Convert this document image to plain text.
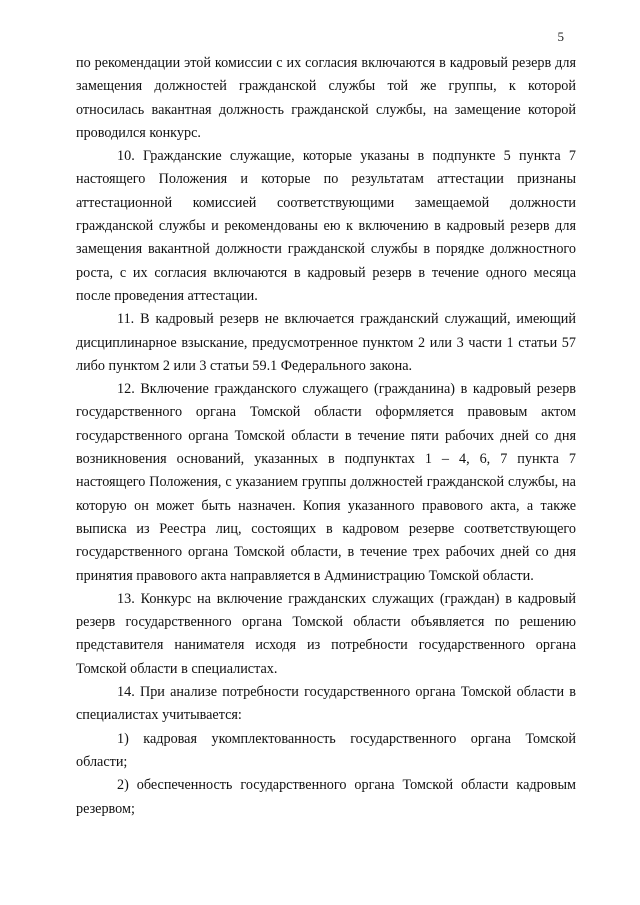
5

по рекомендации этой комиссии с их согласия включаются в кадровый резерв для замещения должностей гражданской службы той же группы, к которой относилась вакантная должность гражданской службы, на замещение которой проводился конкурс.

10. Гражданские служащие, которые указаны в подпункте 5 пункта 7 настоящего Положения и которые по результатам аттестации признаны аттестационной комиссией соответствующими замещаемой должности гражданской службы и рекомендованы ею к включению в кадровый резерв для замещения вакантной должности гражданской службы в порядке должностного роста, с их согласия включаются в кадровый резерв в течение одного месяца после проведения аттестации.

11. В кадровый резерв не включается гражданский служащий, имеющий дисциплинарное взыскание, предусмотренное пунктом 2 или 3 части 1 статьи 57 либо пунктом 2 или 3 статьи 59.1 Федерального закона.

12. Включение гражданского служащего (гражданина) в кадровый резерв государственного органа Томской области оформляется правовым актом государственного органа Томской области в течение пяти рабочих дней со дня возникновения оснований, указанных в подпунктах 1 – 4, 6, 7 пункта 7 настоящего Положения, с указанием группы должностей гражданской службы, на которую он может быть назначен. Копия указанного правового акта, а также выписка из Реестра лиц, состоящих в кадровом резерве соответствующего государственного органа Томской области, в течение трех рабочих дней со дня принятия правового акта направляется в Администрацию Томской области.

13. Конкурс на включение гражданских служащих (граждан) в кадровый резерв государственного органа Томской области объявляется по решению представителя нанимателя исходя из потребности государственного органа Томской области в специалистах.

14. При анализе потребности государственного органа Томской области в специалистах учитывается:

1) кадровая укомплектованность государственного органа Томской области;

2) обеспеченность государственного органа Томской области кадровым резервом;
